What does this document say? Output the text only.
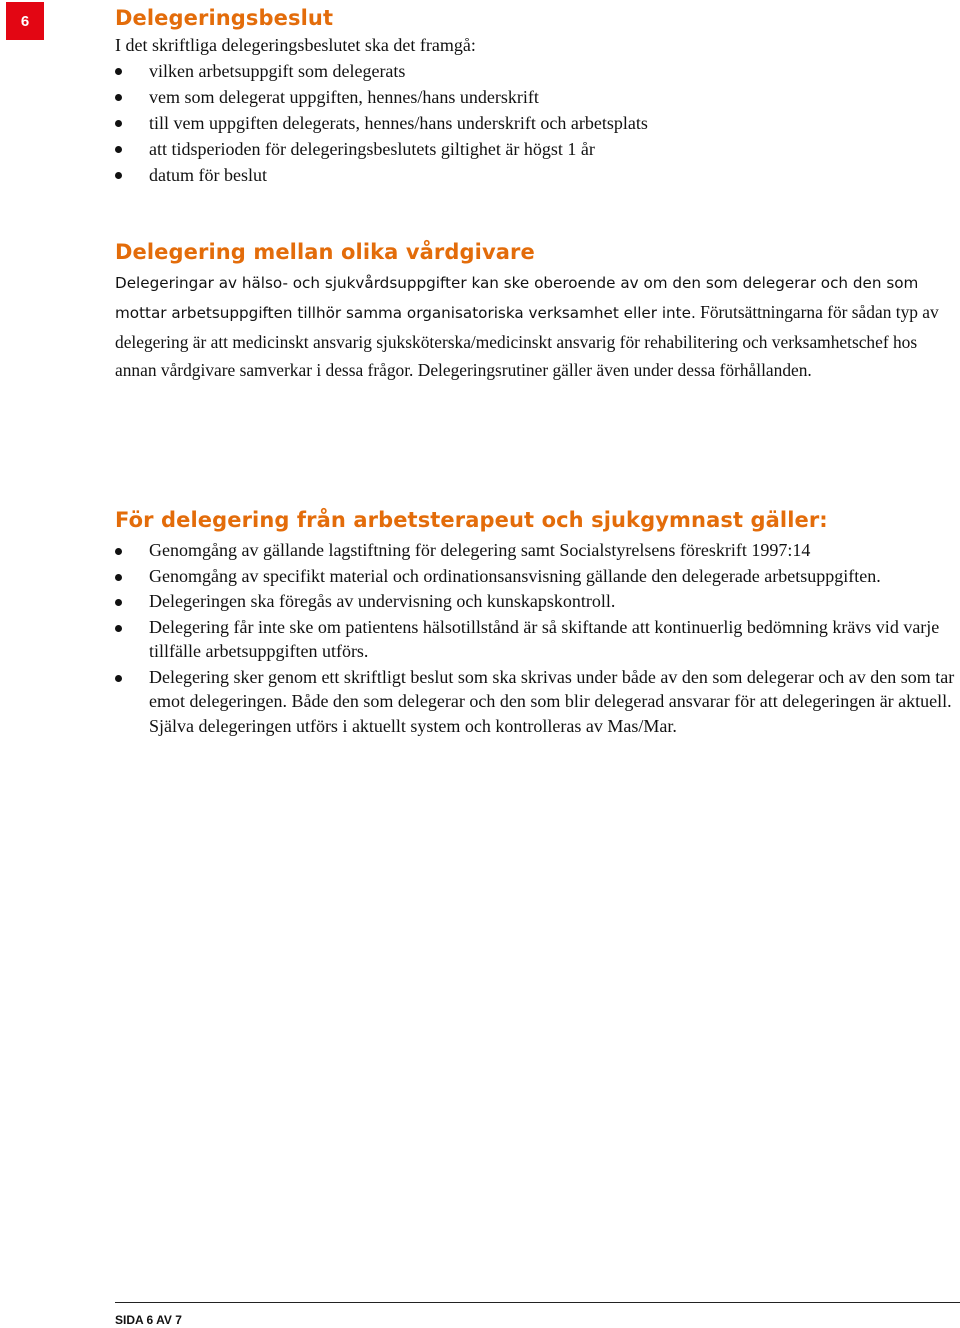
6	Delegeringsbeslut

I det skriftliga delegeringsbeslutet ska det framgå:

vilken arbetsuppgift som delegerats
vem som delegerat uppgiften, hennes/hans underskrift
till vem uppgiften delegerats, hennes/hans underskrift och arbetsplats
att tidsperioden för delegeringsbeslutets giltighet är högst 1 år
datum för beslut
Delegering mellan olika vårdgivare

Delegeringar av hälso- och sjukvårdsuppgifter kan ske oberoende av om den som delegerar och den som mottar arbetsuppgiften tillhör samma organisatoriska verksamhet eller inte. Förutsättningarna för sådan typ av delegering är att medicinskt ansvarig sjuksköterska/medicinskt ansvarig för rehabilitering och verksamhetschef hos annan vårdgivare samverkar i dessa frågor. Delegeringsrutiner gäller även under dessa förhållanden.

För delegering från arbetsterapeut och sjukgymnast gäller:
Genomgång av gällande lagstiftning för delegering samt Socialstyrelsens föreskrift 1997:14
Genomgång av specifikt material och ordinationsansvisning gällande den delegerade arbetsuppgiften.
Delegeringen ska föregås av undervisning och kunskapskontroll.
Delegering får inte ske om patientens hälsotillstånd är så skiftande att kontinuerlig bedömning krävs vid varje tillfälle arbetsuppgiften utförs.
Delegering sker genom ett skriftligt beslut som ska skrivas under både av den som delegerar och av den som tar emot delegeringen. Både den som delegerar och den som blir delegerad ansvarar för att delegeringen är aktuell. Själva delegeringen utförs i aktuellt system och kontrolleras av Mas/Mar.
SIDA 6 AV 7
